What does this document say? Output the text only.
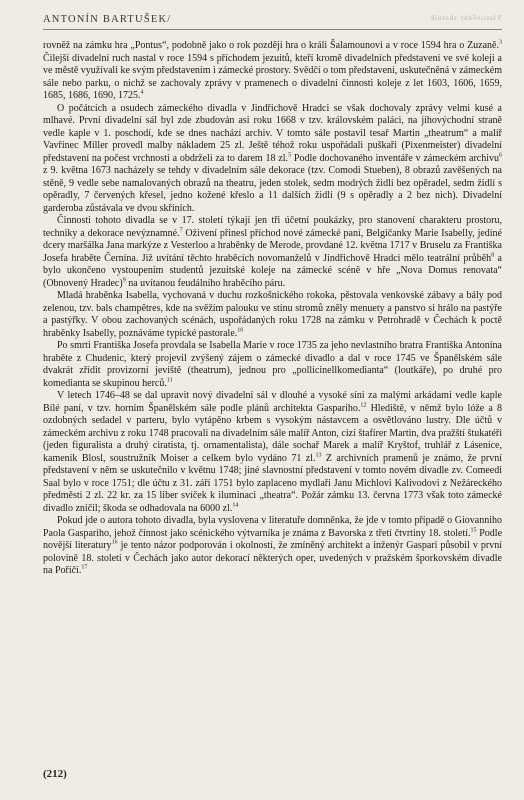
ANTONÍN BARTUŠEK/	Vlastivědný sborník

rovněž na zámku hra „Pontus“, podobně jako o rok později hra o králi Šalamounovi a v roce 1594 hra o Zuzaně.$^3$ Čilejší divadelní ruch nastal v roce 1594 s příchodem jezuitů, kteří kromě divadelních představení ve své koleji a ve městě využívali ke svým představením i zámecké prostory. Svědčí o tom představení, uskutečněná v zámeckém sále nebo parku, o nichž se zachovaly zprávy v pramenech o divadelní činnosti koleje z let 1603, 1606, 1659, 1685, 1686, 1690, 1725.$^4$

O počátcích a osudech zámeckého divadla v Jindřichově Hradci se však dochovaly zprávy velmi kusé a mlhavé. První divadelní sál byl zde zbudován asi roku 1668 v tzv. královském paláci, na jihovýchodní straně vedle kaple v 1. poschodí, kde se dnes nachází archiv. V tomto sále postavil tesař Martin „theatrum“ a malíř Vavřinec Miller provedl malby nákladem 25 zl. Ještě téhož roku uspořádali puškaři (Pixenmeister) divadelní představení na počest vrchnosti a obdrželi za to darem 18 zl.$^5$ Podle dochovaného inventáře v zámeckém archivu$^6$ z 9. května 1673 nacházely se tehdy v divadelním sále dekorace (tzv. Comodi Stueben), 8 obrazů zavěšených na stěně, 9 vedle sebe namalovaných obrazů na theatru, jeden stolek, sedm modrých židlí bez opěradel, sedm židlí s opěradly, 7 červených křesel, jedno kožené křeslo a 11 dalších židlí (9 s opěradly a 2 bez nich). Divadelní garderoba zůstávala ve dvou skříních.

Činnosti tohoto divadla se v 17. století týkají jen tři účetní poukázky, pro stanovení charakteru prostoru, techniky a dekorace nevýznamné.$^7$ Oživení přinesl příchod nové zámecké paní, Belgičanky Marie Isabelly, jediné dcery maršálka Jana markýze z Vesterloo a hraběnky de Merode, provdané 12. května 1717 v Bruselu za Františka Josefa hraběte Černína. Již uvítání těchto hraběcích novomanželů v Jindřichově Hradci mělo teatrální průběh$^8$ a bylo ukončeno vystoupením studentů jezuitské koleje na zámecké scéně v hře „Nova Domus renovata“ (Obnovený Hradec)$^9$ na uvítanou feudálního hraběcího páru.

Mladá hraběnka Isabella, vychovaná v duchu rozkošnického rokoka, pěstovala venkovské zábavy a bály pod zelenou, tzv. bals champêtres, kde na svěžím palouku ve stínu stromů zněly menuety a panstvo si hrálo na pastýře a pastýřky. V obou zachovaných scénách, uspořádaných roku 1728 na zámku v Petrohradě v Čechách k poctě hraběnky Isabelly, poznáváme typické pastorale.$^{10}$

Po smrti Františka Josefa provdala se Isabella Marie v roce 1735 za jeho nevlastního bratra Františka Antonína hraběte z Chudenic, který projevil zvýšený zájem o zámecké divadlo a dal v roce 1745 ve Španělském sále dvakrát zřídit provizorní jeviště (theatrum), jednou pro „pollicinellkomediantа“ (loutkáře), po druhé pro komedianta se skupinou herců.$^{11}$

V letech 1746–48 se dal upravit nový divadelní sál v dlouhé a vysoké síni za malými arkádami vedle kaple Bílé paní, v tzv. horním Španělském sále podle plánů architekta Gaspariho.$^{12}$ Hlediště, v němž bylo lóže a 8 ozdobných sedadel v parteru, bylo vytápěno krbem s vysokým nástavcem a osvětlováno lustry. Dle účtů v zámeckém archivu z roku 1748 pracovali na divadelním sále malíř Anton, cizí štafírer Martin, dva pražští štukatéři (jeden figuralista a druhý ciratista, tj. ornamentalista), dále sochař Marek a malíř Kryštof, truhlář z Lásenice, kameník Blosl, soustružník Moiser a celkem bylo vydáno 71 zl.$^{13}$ Z archivních pramenů je známo, že první představení v něm se uskutečnilo v květnu 1748; jiné slavnostní představení v tomto novém divadle zv. Comeedi Saal bylo v roce 1751; dle účtu z 31. září 1751 bylo zaplaceno mydlaři Janu Michlovi Kalivodovi z Nežáreckého předměstí 2 zl. 22 kr. za 15 liber svíček k iluminaci „theatra“. Požár zámku 13. června 1773 však toto zámecké divadlo zničil; škoda se odhadovala na 6000 zl.$^{14}$

Pokud jde o autora tohoto divadla, byla vyslovena v literatuře domněnka, že jde v tomto případě o Giovanniho Paola Gaspariho, jehož činnost jako scénického výtvarníka je známa z Bavorska z třetí čtvrtiny 18. století.$^{15}$ Podle novější literatury$^{16}$ je tento názor podporován i okolností, že zmíněný architekt a inženýr Gaspari působil v první polovině 18. století v Čechách jako autor dekorací některých oper, uvedených v pražském šporkovském divadle na Poříčí.$^{17}$

(212)
